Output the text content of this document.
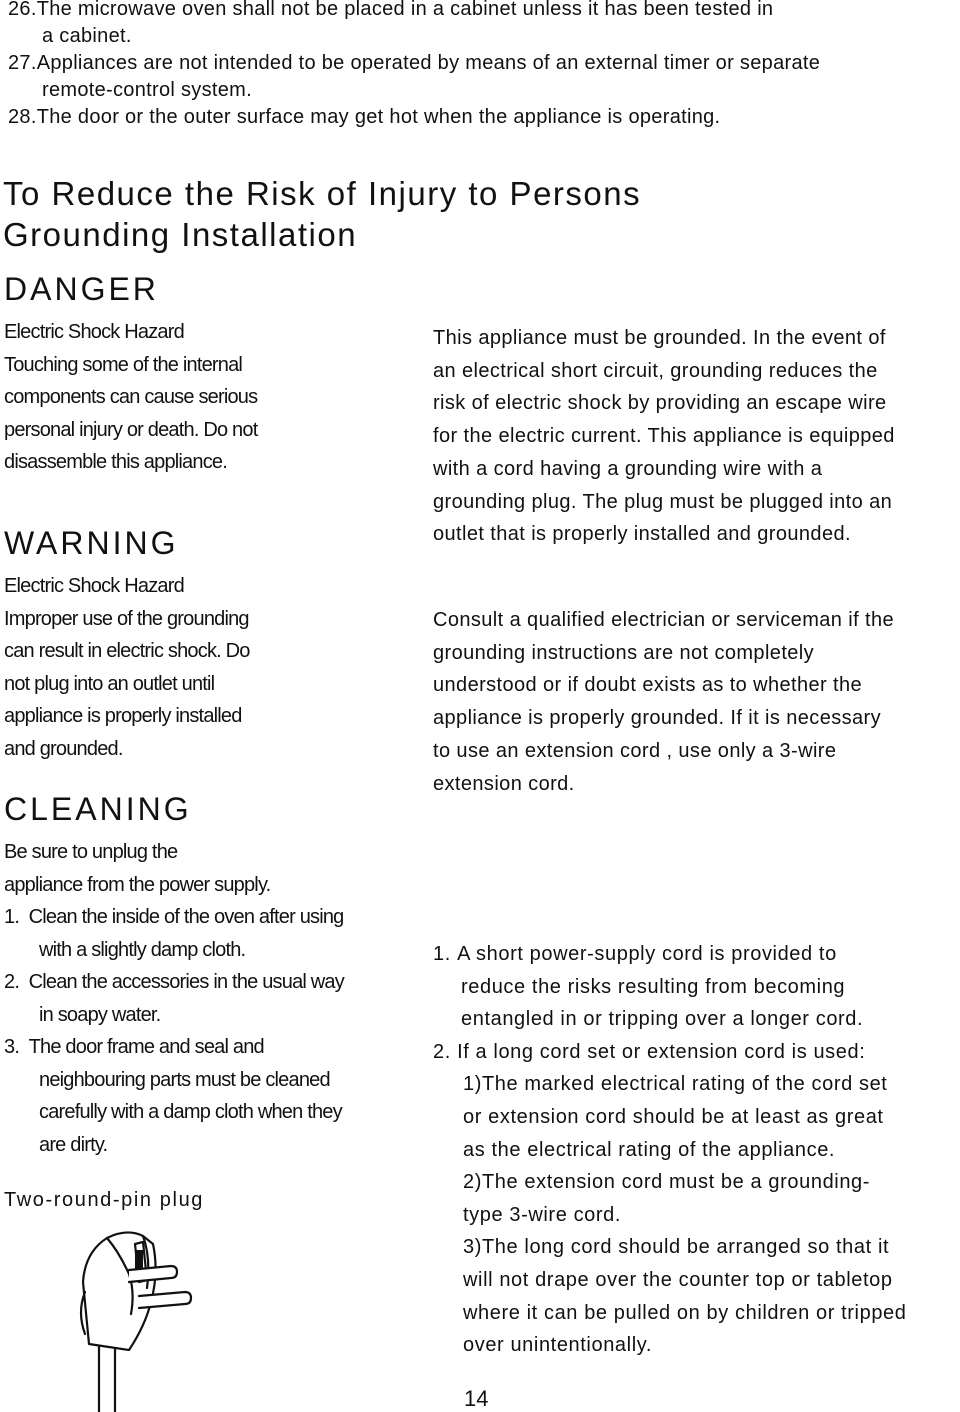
26.The microwave oven shall not be placed in a cabinet unless it has been tested in
a cabinet.
27.Appliances are not intended to be operated by means of an external timer or separate
remote-control system.
28.The door or the outer surface may get hot when the appliance is operating.
To Reduce the Risk of Injury to Persons
Grounding Installation
DANGER
Electric Shock Hazard
Touching some of the internal
components can cause serious
personal injury or death. Do not
disassemble this appliance.
WARNING
Electric Shock Hazard
Improper use of the grounding
can result in electric shock. Do
not plug into an outlet until
appliance is properly installed
and grounded.
CLEANING
Be sure to unplug the
appliance from the power supply.
1. Clean the inside of the oven after using
with a slightly damp cloth.
2. Clean the accessories in the usual way
in soapy water.
3. The door frame and seal and
neighbouring parts must be cleaned
carefully with a damp cloth when they
are dirty.
Two-round-pin plug
This appliance must be grounded. In the event of
an electrical short circuit, grounding reduces the
risk of electric shock by providing an escape wire
for the electric current. This appliance is equipped
with a cord having a grounding wire with a
grounding plug. The plug must be plugged into an
outlet that is properly installed and grounded.
Consult a qualified electrician or serviceman if the
grounding instructions are not completely
understood or if doubt exists as to whether the
appliance is properly grounded. If it is necessary
to use an extension cord , use only a 3-wire
extension cord.
1. A short power-supply cord is provided to
reduce the risks resulting from becoming
entangled in or tripping over a longer cord.
2. If a long cord set or extension cord is used:
1)The marked electrical rating of the cord set
or extension cord should be at least as great
as the electrical rating of the appliance.
2)The extension cord must be a grounding-
type 3-wire cord.
3)The long cord should be arranged so that it
will not drape over the counter top or tabletop
where it can be pulled on by children or tripped
over unintentionally.
14
